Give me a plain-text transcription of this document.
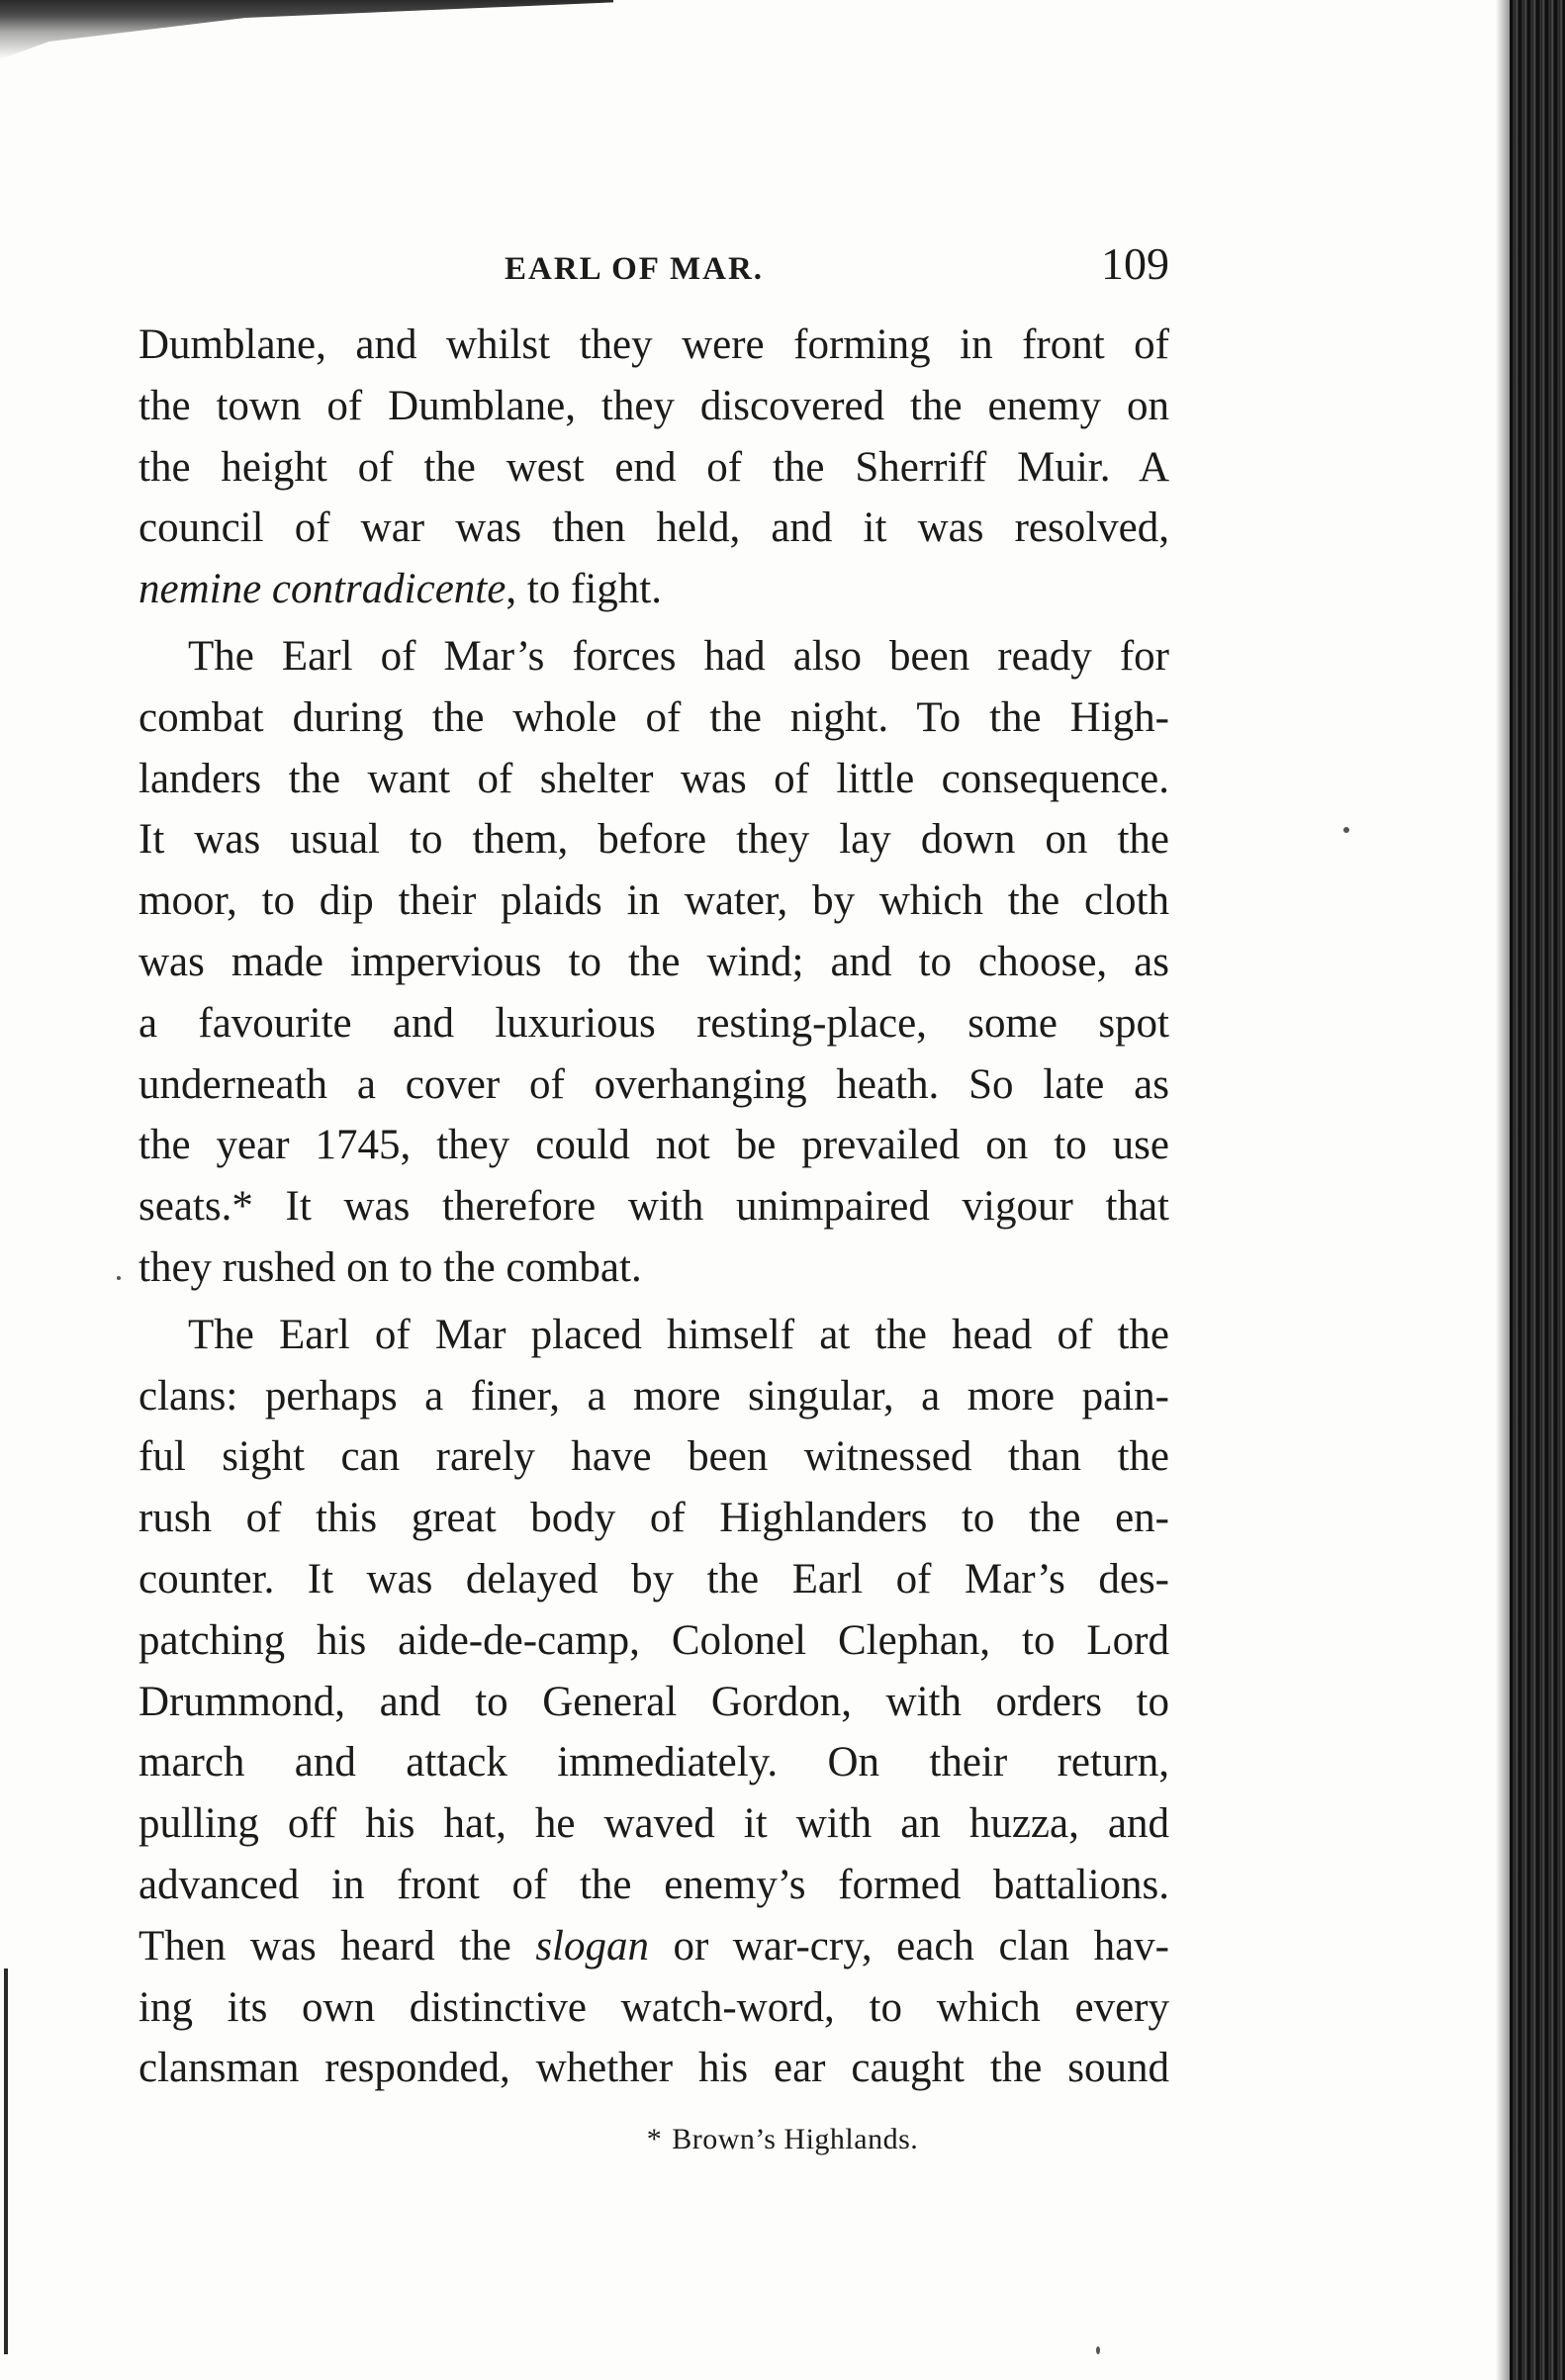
EARL OF MAR.	109
Dumblane, and whilst they were forming in front of
the town of Dumblane, they discovered the enemy on
the height of the west end of the Sherriff Muir. A
council of war was then held, and it was resolved,
nemine contradicente, to fight.
The Earl of Mar’s forces had also been ready for
combat during the whole of the night. To the High-
landers the want of shelter was of little consequence.
It was usual to them, before they lay down on the
moor, to dip their plaids in water, by which the cloth
was made impervious to the wind; and to choose, as
a favourite and luxurious resting-place, some spot
underneath a cover of overhanging heath. So late as
the year 1745, they could not be prevailed on to use
seats.* It was therefore with unimpaired vigour that
they rushed on to the combat.
The Earl of Mar placed himself at the head of the
clans: perhaps a finer, a more singular, a more pain-
ful sight can rarely have been witnessed than the
rush of this great body of Highlanders to the en-
counter. It was delayed by the Earl of Mar’s des-
patching his aide-de-camp, Colonel Clephan, to Lord
Drummond, and to General Gordon, with orders to
march and attack immediately. On their return,
pulling off his hat, he waved it with an huzza, and
advanced in front of the enemy’s formed battalions.
Then was heard the slogan or war-cry, each clan hav-
ing its own distinctive watch-word, to which every
clansman responded, whether his ear caught the sound
* Brown’s Highlands.
